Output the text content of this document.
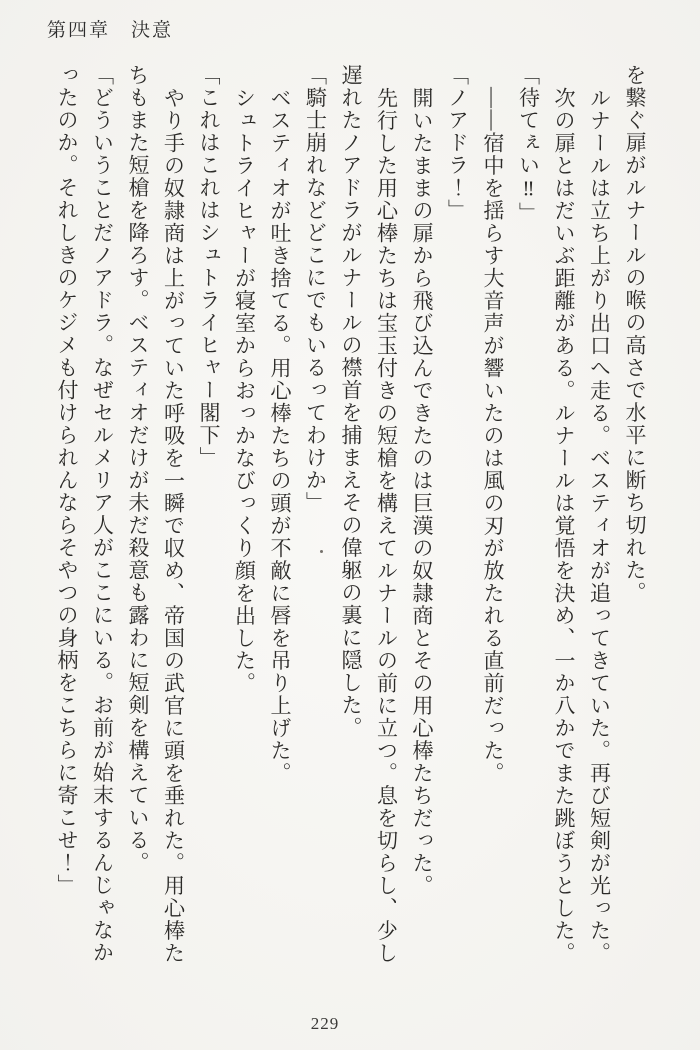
第四章　決意

を繋ぐ扉がルナールの喉の高さで水平に断ち切れた。

ルナールは立ち上がり出口へ走る。ベスティオが追ってきていた。再び短剣が光った。

次の扉とはだいぶ距離がある。ルナールは覚悟を決め、一か八かでまた跳ぼうとした。

「待てぇい‼」

――宿中を揺らす大音声が響いたのは風の刃が放たれる直前だった。

「ノアドラ！」

開いたままの扉から飛び込んできたのは巨漢の奴隷商とその用心棒たちだった。

先行した用心棒たちは宝玉付きの短槍を構えてルナールの前に立つ。息を切らし、少し遅れたノアドラがルナールの襟首を捕まえその偉躯の裏に隠した。

「騎士崩れなどどこにでもいるってわけか」

ベスティオが吐き捨てる。用心棒たちの頭が不敵に唇を吊り上げた。

シュトライヒャーが寝室からおっかなびっくり顔を出した。

「これはこれはシュトライヒャー閣下」

やり手の奴隷商は上がっていた呼吸を一瞬で収め、帝国の武官に頭を垂れた。用心棒たちもまた短槍を降ろす。ベスティオだけが未だ殺意も露わに短剣を構えている。

「どういうことだノアドラ。なぜセルメリア人がここにいる。お前が始末するんじゃなかったのか。それしきのケジメも付けられんならそやつの身柄をこちらに寄こせ！」

229
